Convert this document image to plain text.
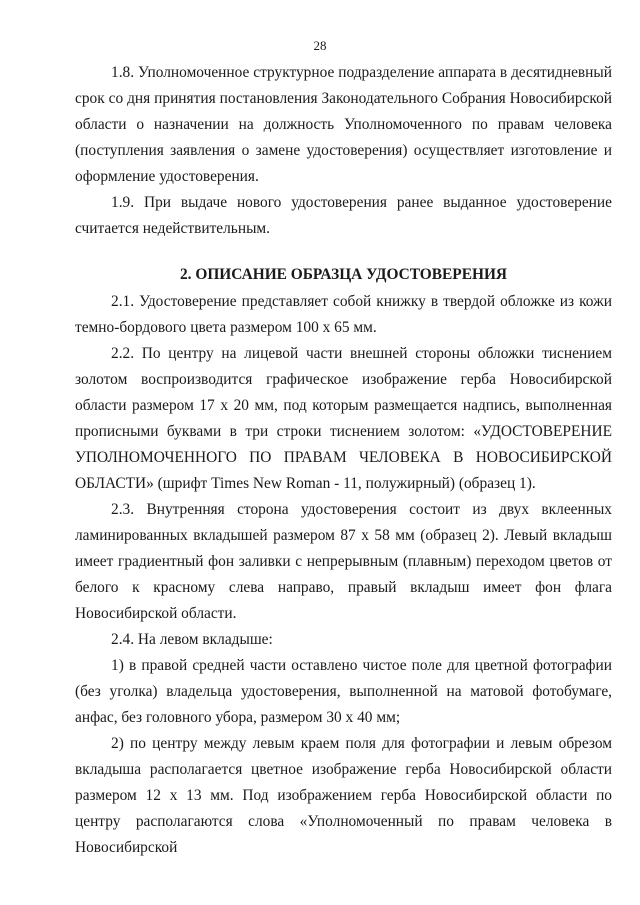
28

1.8. Уполномоченное структурное подразделение аппарата в десятидневный срок со дня принятия постановления Законодательного Собрания Новосибирской области о назначении на должность Уполномоченного по правам человека (поступления заявления о замене удостоверения) осуществляет изготовление и оформление удостоверения.

1.9. При выдаче нового удостоверения ранее выданное удостоверение считается недействительным.

2. ОПИСАНИЕ ОБРАЗЦА УДОСТОВЕРЕНИЯ

2.1. Удостоверение представляет собой книжку в твердой обложке из кожи темно-бордового цвета размером 100 х 65 мм.

2.2. По центру на лицевой части внешней стороны обложки тиснением золотом воспроизводится графическое изображение герба Новосибирской области размером 17 х 20 мм, под которым размещается надпись, выполненная прописными буквами в три строки тиснением золотом: «УДОСТОВЕРЕНИЕ УПОЛНОМОЧЕННОГО ПО ПРАВАМ ЧЕЛОВЕКА В НОВОСИБИРСКОЙ ОБЛАСТИ» (шрифт Times New Roman - 11, полужирный) (образец 1).

2.3. Внутренняя сторона удостоверения состоит из двух вклеенных ламинированных вкладышей размером 87 х 58 мм (образец 2). Левый вкладыш имеет градиентный фон заливки с непрерывным (плавным) переходом цветов от белого к красному слева направо, правый вкладыш имеет фон флага Новосибирской области.

2.4. На левом вкладыше:

1) в правой средней части оставлено чистое поле для цветной фотографии (без уголка) владельца удостоверения, выполненной на матовой фотобумаге, анфас, без головного убора, размером 30 х 40 мм;

2) по центру между левым краем поля для фотографии и левым обрезом вкладыша располагается цветное изображение герба Новосибирской области размером 12 х 13 мм. Под изображением герба Новосибирской области по центру располагаются слова «Уполномоченный по правам человека в Новосибирской
